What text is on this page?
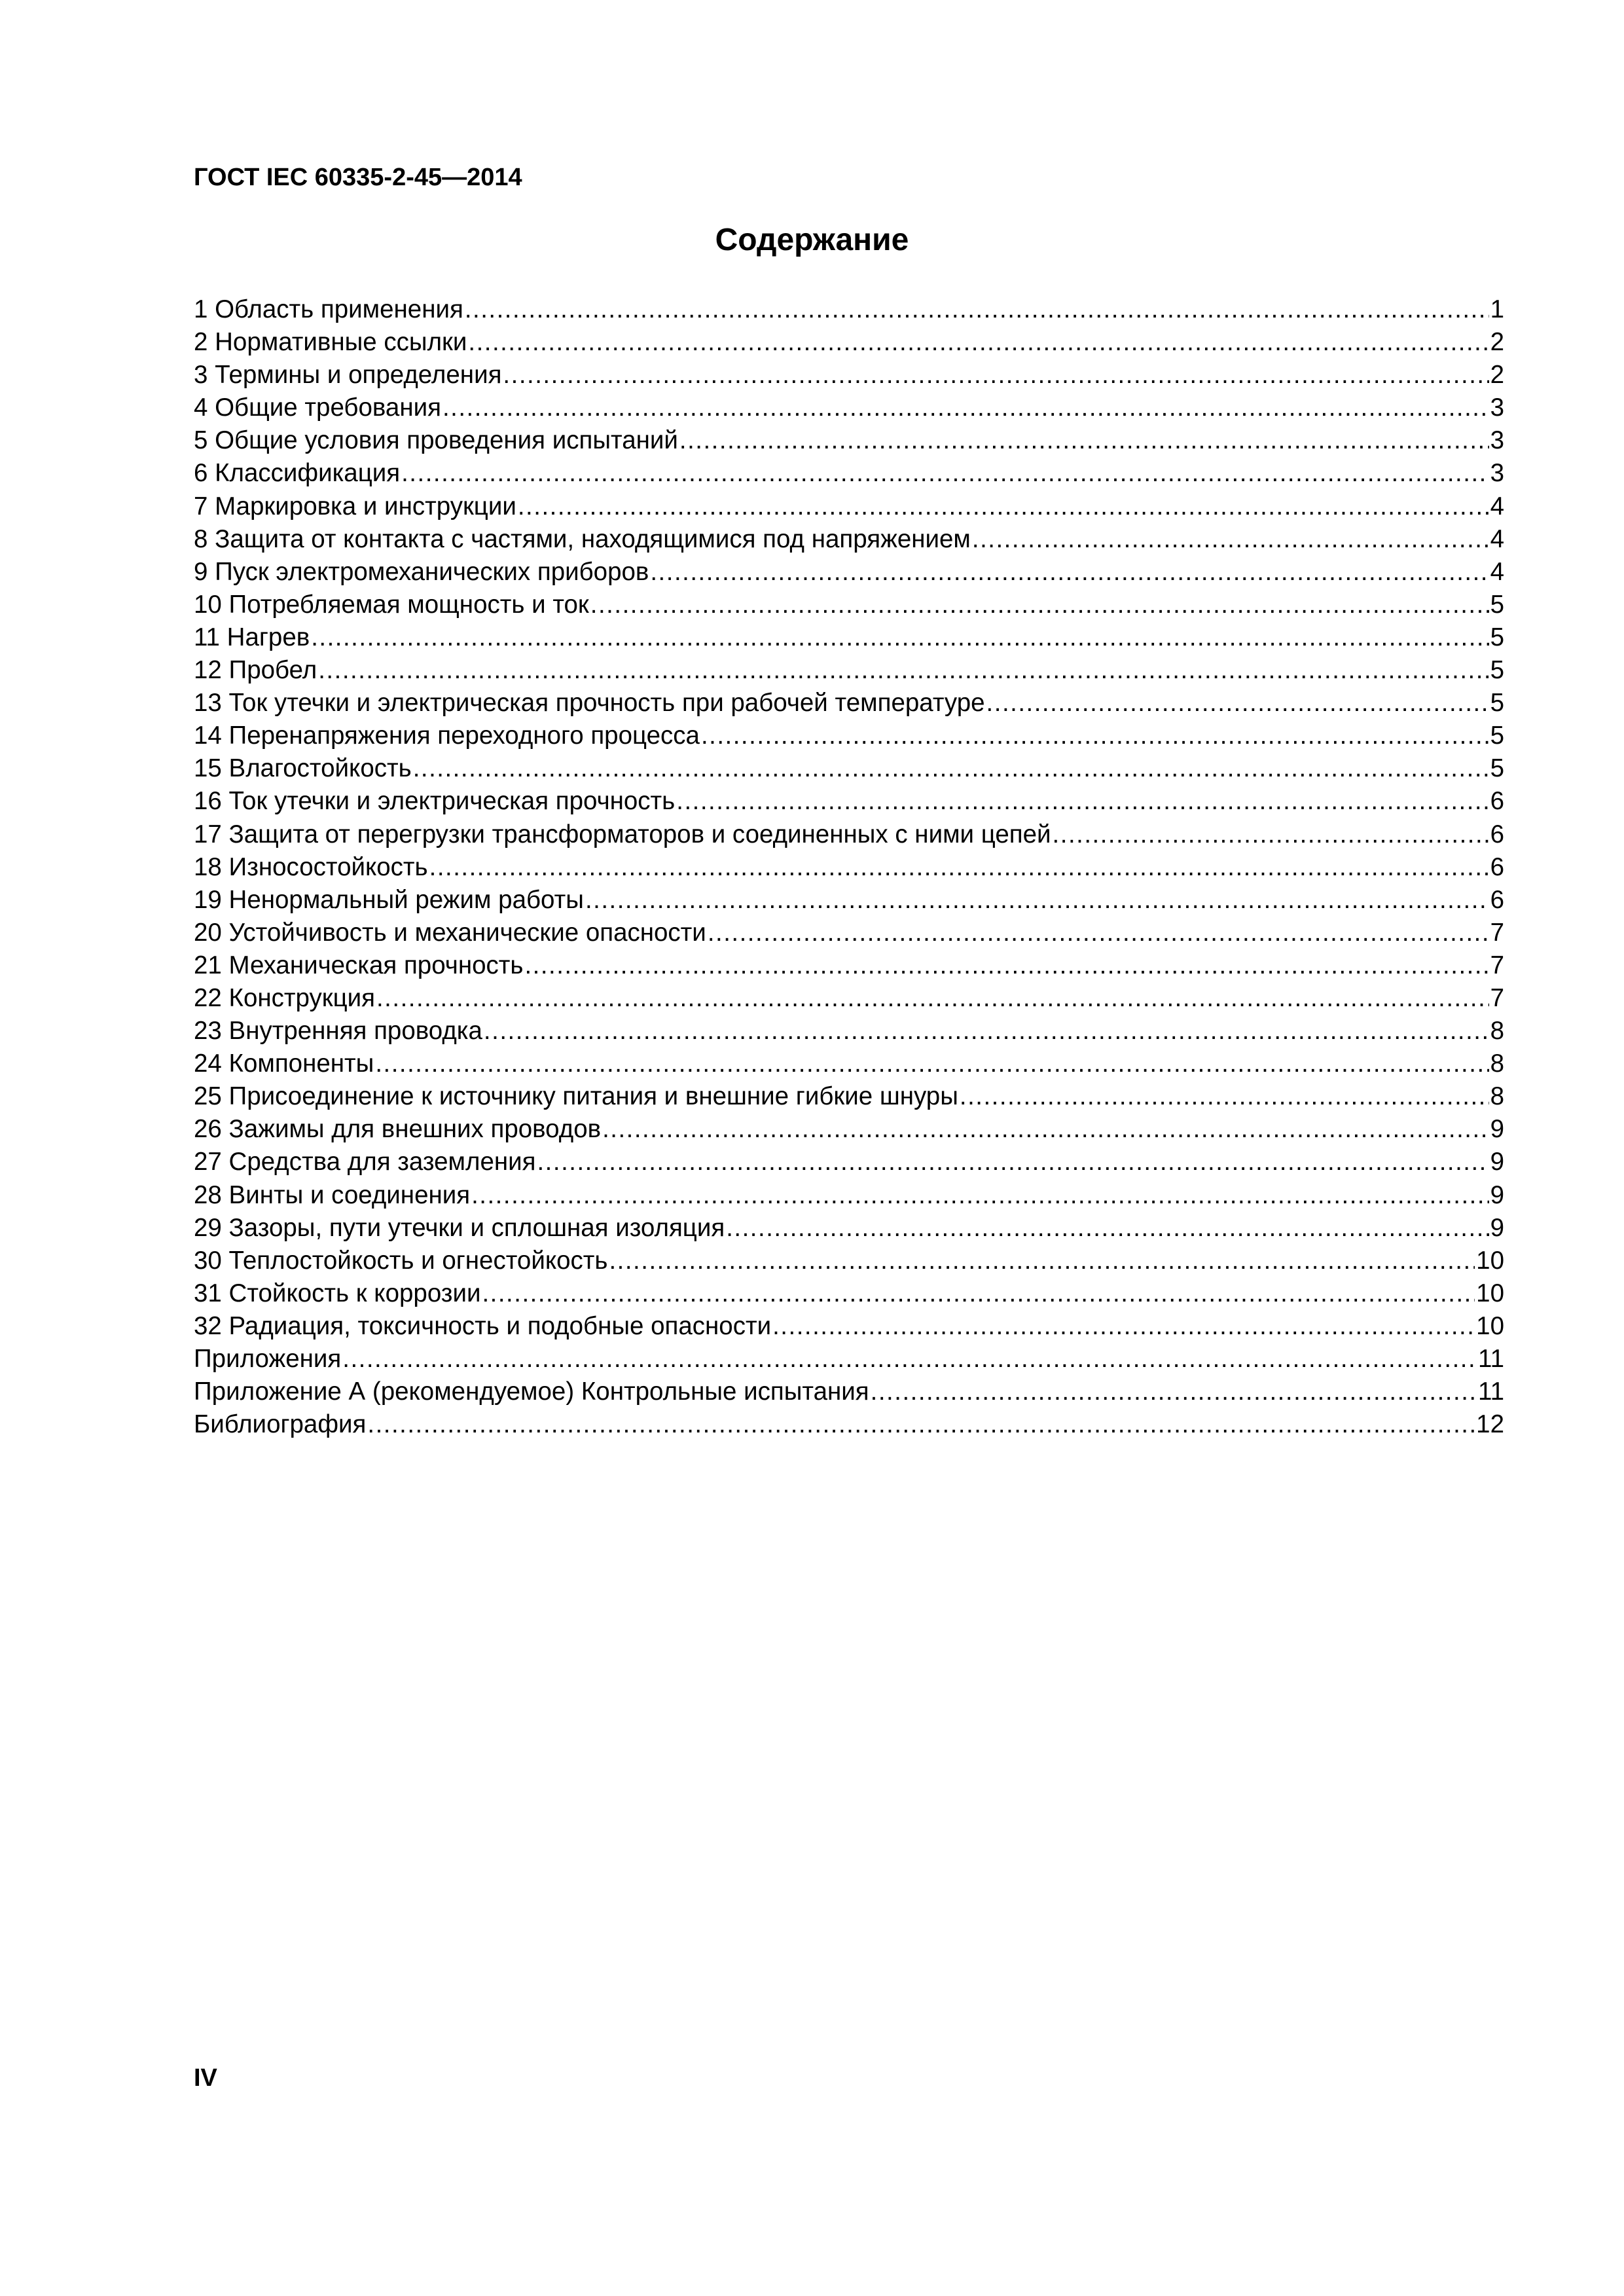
ГОСТ IEC 60335-2-45—2014
Содержание
1 Область применения .....	1
2 Нормативные ссылки .....	2
3 Термины и определения .....	2
4 Общие требования .....	3
5 Общие условия проведения испытаний .....	3
6 Классификация .....	3
7 Маркировка и инструкции .....	4
8 Защита от контакта с частями, находящимися под напряжением .....	4
9 Пуск электромеханических приборов .....	4
10 Потребляемая мощность и ток .....	5
11 Нагрев .....	5
12 Пробел .....	5
13 Ток утечки и электрическая прочность при рабочей температуре .....	5
14 Перенапряжения переходного процесса .....	5
15 Влагостойкость .....	5
16 Ток утечки и электрическая прочность .....	6
17 Защита от перегрузки трансформаторов и соединенных с ними цепей .....	6
18 Износостойкость .....	6
19 Ненормальный режим работы .....	6
20 Устойчивость и механические опасности .....	7
21 Механическая прочность .....	7
22 Конструкция .....	7
23 Внутренняя проводка .....	8
24 Компоненты .....	8
25 Присоединение к источнику питания и внешние гибкие шнуры .....	8
26 Зажимы для внешних проводов .....	9
27 Средства для заземления .....	9
28 Винты и соединения .....	9
29 Зазоры, пути утечки и сплошная изоляция .....	9
30 Теплостойкость и огнестойкость .....	10
31 Стойкость к коррозии .....	10
32 Радиация, токсичность и подобные опасности .....	10
Приложения .....	11
Приложение А (рекомендуемое) Контрольные испытания .....	11
Библиография .....	12
IV
